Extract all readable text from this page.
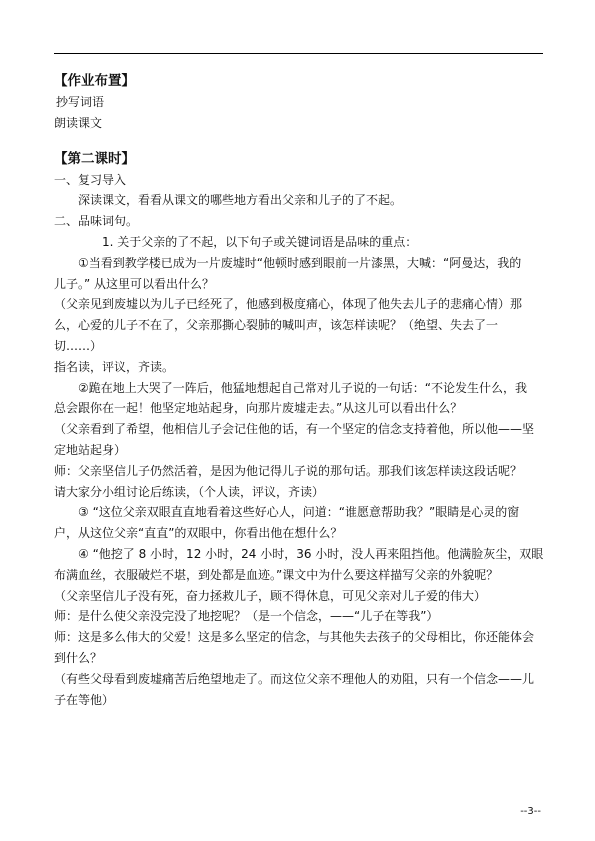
【作业布置】
抄写词语
朗读课文
【第二课时】
一、复习导入
深读课文，看看从课文的哪些地方看出父亲和儿子的了不起。
二、品味词句。
1. 关于父亲的了不起，以下句子或关键词语是品味的重点：
①当看到教学楼已成为一片废墟时“他顿时感到眼前一片漆黑，大喊：“阿曼达，我的
儿子。” 从这里可以看出什么？
（父亲见到废墟以为儿子已经死了，他感到极度痛心，体现了他失去儿子的悲痛心情）那
么，心爱的儿子不在了，父亲那撕心裂肺的喊叫声，该怎样读呢？（绝望、失去了一
切……）
指名读，评议，齐读。
②跪在地上大哭了一阵后，他猛地想起自己常对儿子说的一句话：“不论发生什么，我
总会跟你在一起！他坚定地站起身，向那片废墟走去。”从这儿可以看出什么？
（父亲看到了希望，他相信儿子会记住他的话，有一个坚定的信念支持着他，所以他——坚
定地站起身）
师：父亲坚信儿子仍然活着，是因为他记得儿子说的那句话。那我们该怎样读这段话呢？
请大家分小组讨论后练读，（个人读，评议，齐读）
③ “这位父亲双眼直直地看着这些好心人，问道：“谁愿意帮助我？”眼睛是心灵的窗
户，从这位父亲“直直”的双眼中，你看出他在想什么？
④ “他挖了 8 小时，12 小时，24 小时，36 小时，没人再来阻挡他。他满脸灰尘，双眼
布满血丝，衣服破烂不堪，到处都是血迹。”课文中为什么要这样描写父亲的外貌呢？
（父亲坚信儿子没有死，奋力拯救儿子，顾不得休息，可见父亲对儿子爱的伟大）
师：是什么使父亲没完没了地挖呢？（是一个信念，——“儿子在等我”）
师：这是多么伟大的父爱！这是多么坚定的信念，与其他失去孩子的父母相比，你还能体会
到什么？
（有些父母看到废墟痛苦后绝望地走了。而这位父亲不理他人的劝阻，只有一个信念——儿
子在等他）
--3--
